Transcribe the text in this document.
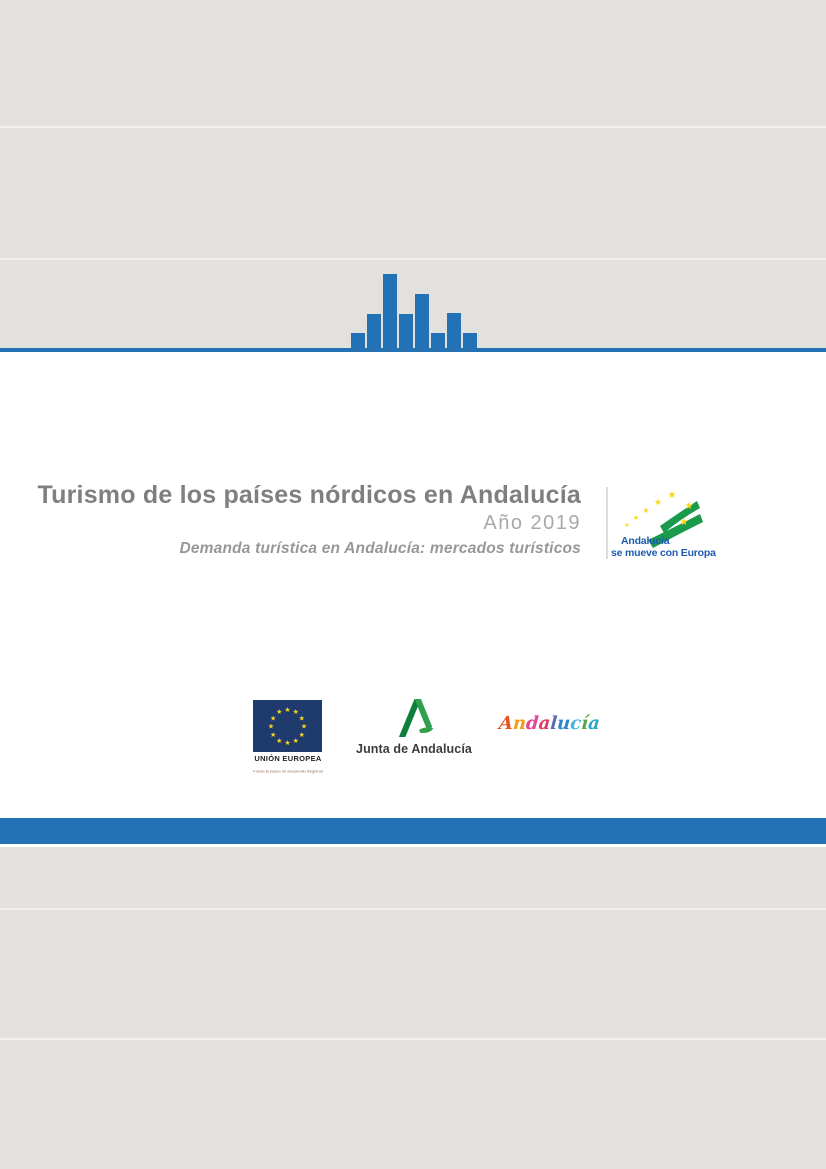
Turismo de los países nórdicos en Andalucía
Año 2019
Demanda turística en Andalucía: mercados turísticos
★
★
★
★
★
★
★
Andalucía
se mueve con Europa
★ ★
★
★
★
★
★
★
★
★
★
★
UNIÓN EUROPEA
Fondo Europeo de Desarrollo Regional
Junta de Andalucía
Andalucía
